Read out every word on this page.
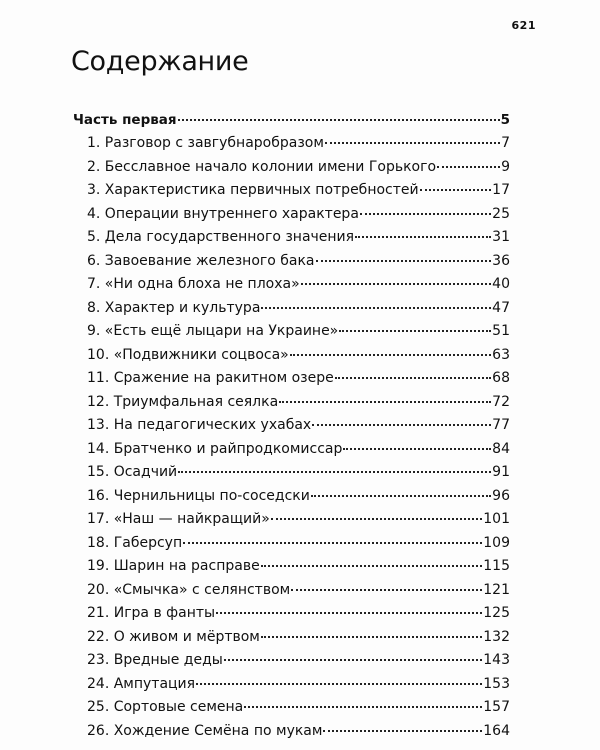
621
Содержание
Часть первая	5
1. Разговор с завгубнаробразом	7
2. Бесславное начало колонии имени Горького	9
3. Характеристика первичных потребностей	17
4. Операции внутреннего характера	25
5. Дела государственного значения	31
6. Завоевание железного бака	36
7. «Ни одна блоха не плоха»	40
8. Характер и культура	47
9. «Есть ещё лыцари на Украине»	51
10. «Подвижники соцвоса»	63
11. Сражение на ракитном озере	68
12. Триумфальная сеялка	72
13. На педагогических ухабах	77
14. Братченко и райпродкомиссар	84
15. Осадчий	91
16. Чернильницы по-соседски	96
17. «Наш — найкращий»	101
18. Габерсуп	109
19. Шарин на расправе	115
20. «Смычка» с селянством	121
21. Игра в фанты	125
22. О живом и мёртвом	132
23. Вредные деды	143
24. Ампутация	153
25. Сортовые семена	157
26. Хождение Семёна по мукам	164
